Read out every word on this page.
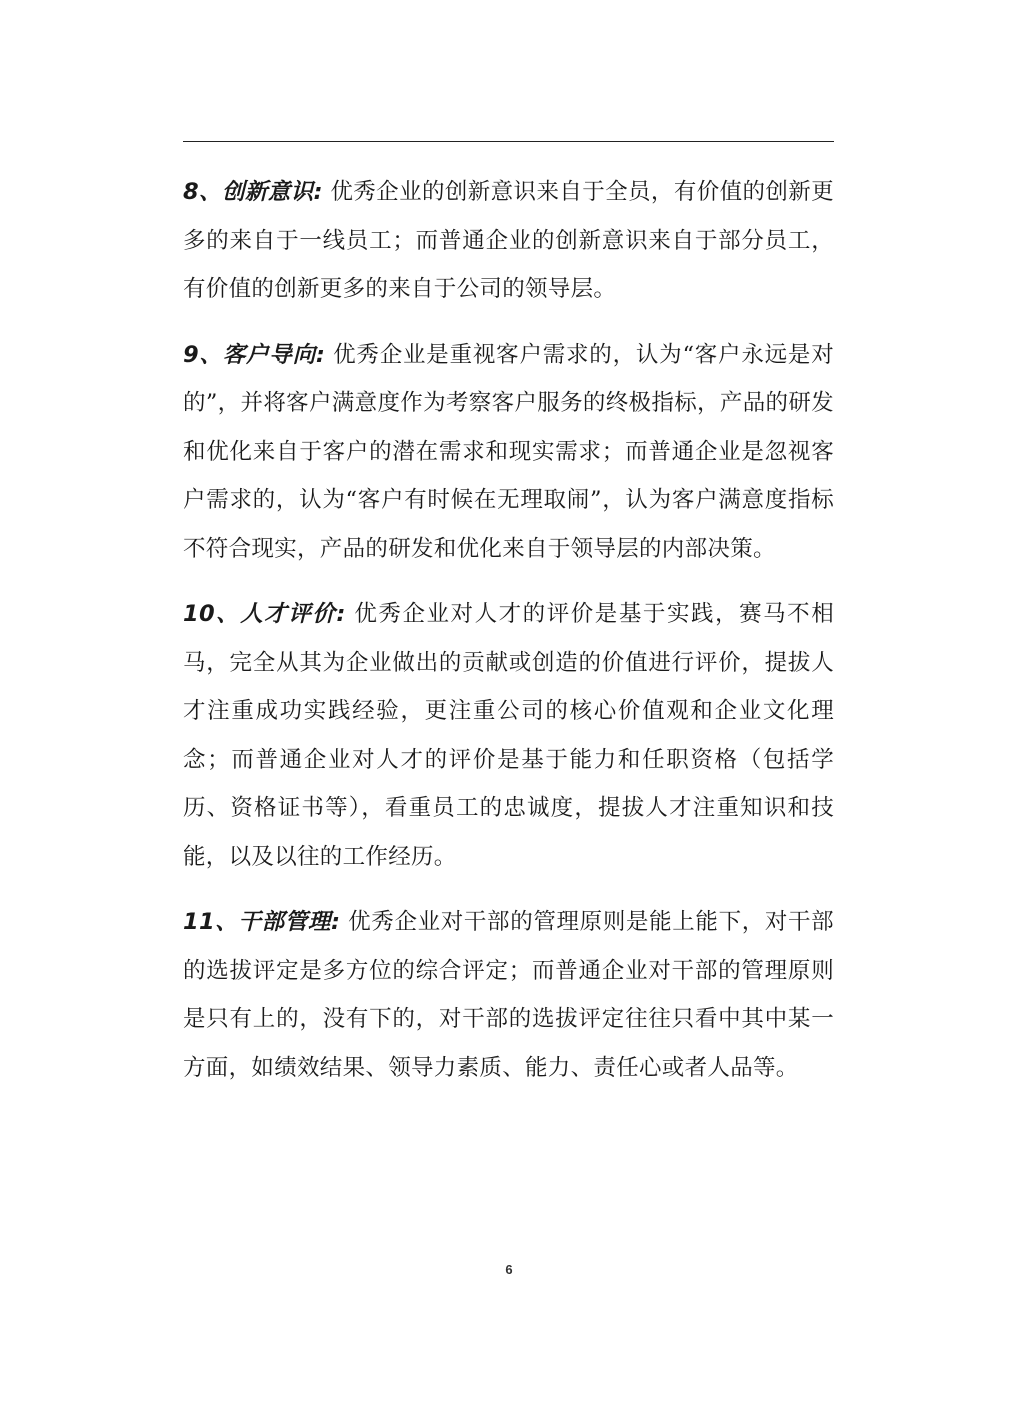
8、创新意识: 优秀企业的创新意识来自于全员，有价值的创新更多的来自于一线员工；而普通企业的创新意识来自于部分员工，有价值的创新更多的来自于公司的领导层。

9、客户导向: 优秀企业是重视客户需求的，认为“客户永远是对的”，并将客户满意度作为考察客户服务的终极指标，产品的研发和优化来自于客户的潜在需求和现实需求；而普通企业是忽视客户需求的，认为“客户有时候在无理取闹”，认为客户满意度指标不符合现实，产品的研发和优化来自于领导层的内部决策。

10、人才评价: 优秀企业对人才的评价是基于实践，赛马不相马，完全从其为企业做出的贡献或创造的价值进行评价，提拔人才注重成功实践经验，更注重公司的核心价值观和企业文化理念；而普通企业对人才的评价是基于能力和任职资格（包括学历、资格证书等），看重员工的忠诚度，提拔人才注重知识和技能，以及以往的工作经历。

11、干部管理: 优秀企业对干部的管理原则是能上能下，对干部的选拔评定是多方位的综合评定；而普通企业对干部的管理原则是只有上的，没有下的，对干部的选拔评定往往只看中其中某一方面，如绩效结果、领导力素质、能力、责任心或者人品等。

6
